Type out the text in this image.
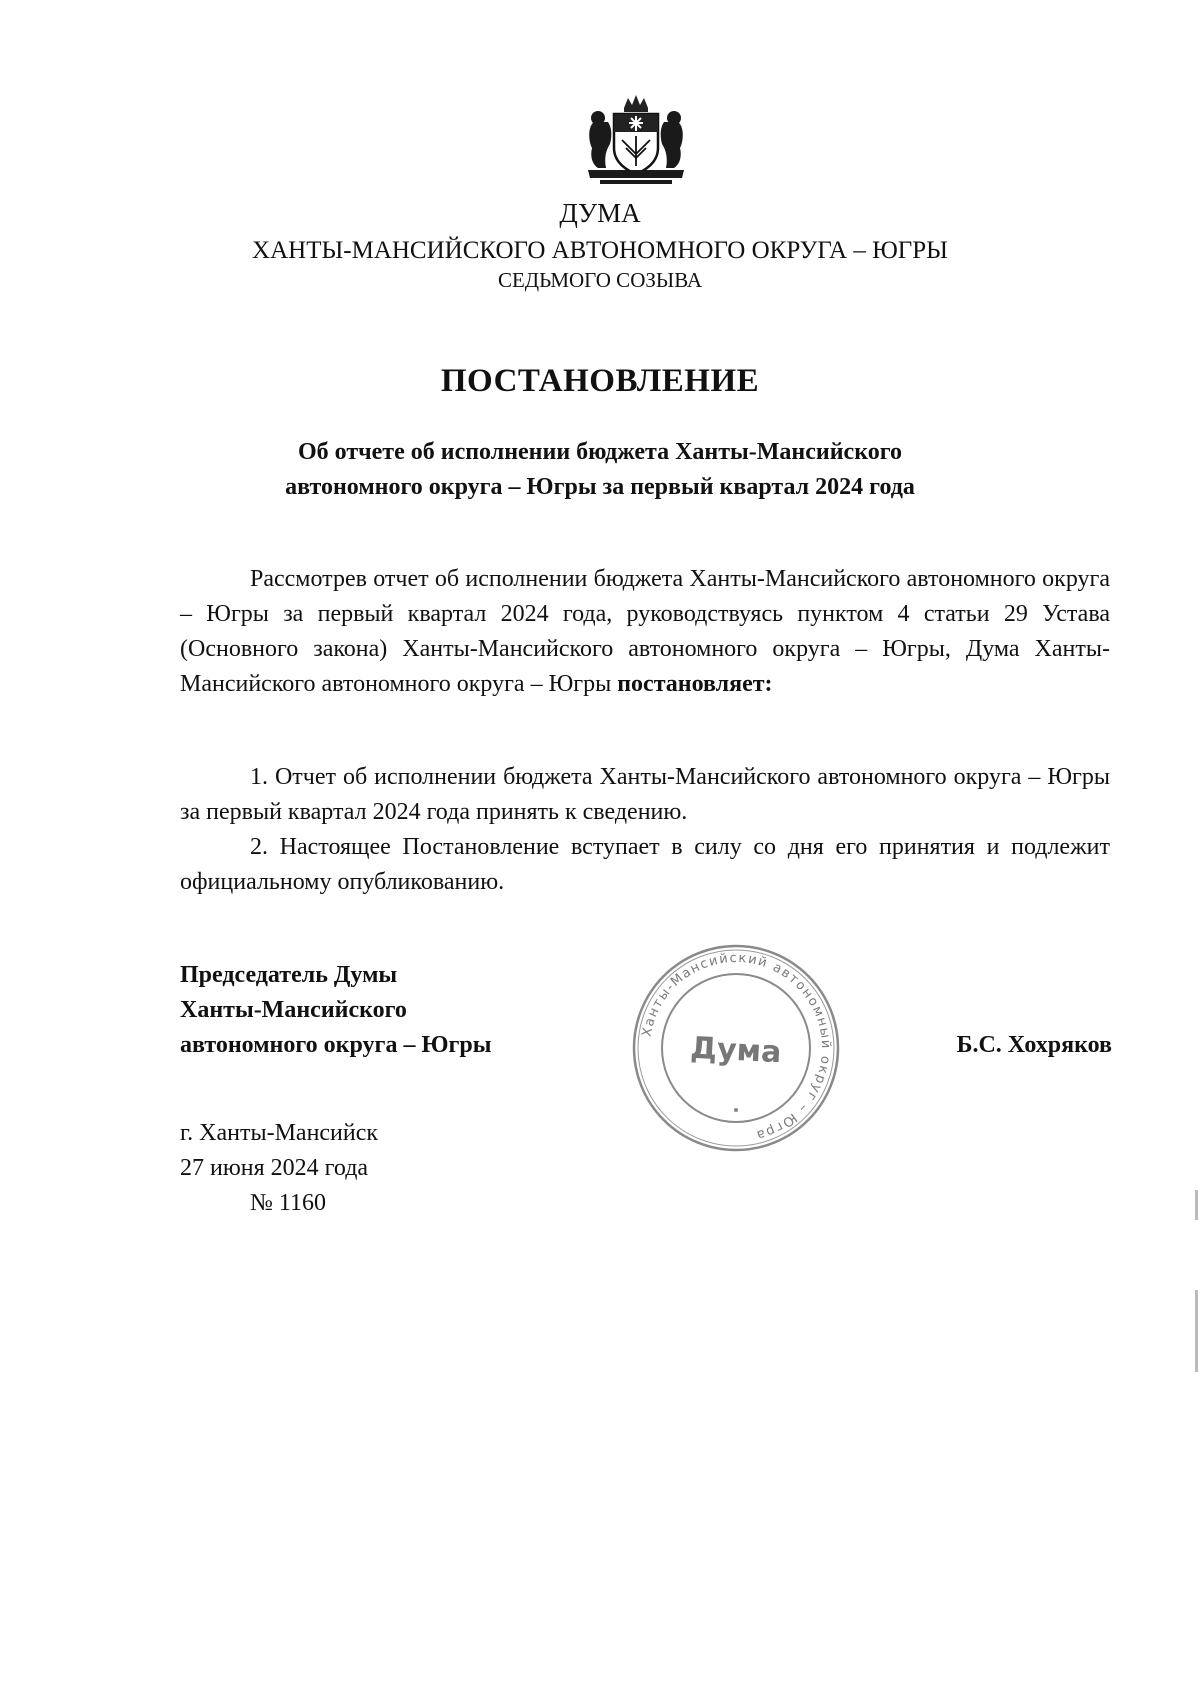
ДУМА
ХАНТЫ-МАНСИЙСКОГО АВТОНОМНОГО ОКРУГА – ЮГРЫ
СЕДЬМОГО СОЗЫВА
ПОСТАНОВЛЕНИЕ
Об отчете об исполнении бюджета Ханты-Мансийского
автономного округа – Югры за первый квартал 2024 года

Рассмотрев отчет об исполнении бюджета Ханты-Мансийского автономного округа – Югры за первый квартал 2024 года, руководствуясь пунктом 4 статьи 29 Устава (Основного закона) Ханты-Мансийского автономного округа – Югры, Дума Ханты-Мансийского автономного округа – Югры постановляет:

1. Отчет об исполнении бюджета Ханты-Мансийского автономного округа – Югры за первый квартал 2024 года принять к сведению.

2. Настоящее Постановление вступает в силу со дня его принятия и подлежит официальному опубликованию.

Председатель Думы
Ханты-Мансийского
автономного округа – Югры
Ханты-Мансийский автономный округ – Югра
Дума	Б.С. Хохряков
г. Ханты-Мансийск
27 июня 2024 года
№ 1160
